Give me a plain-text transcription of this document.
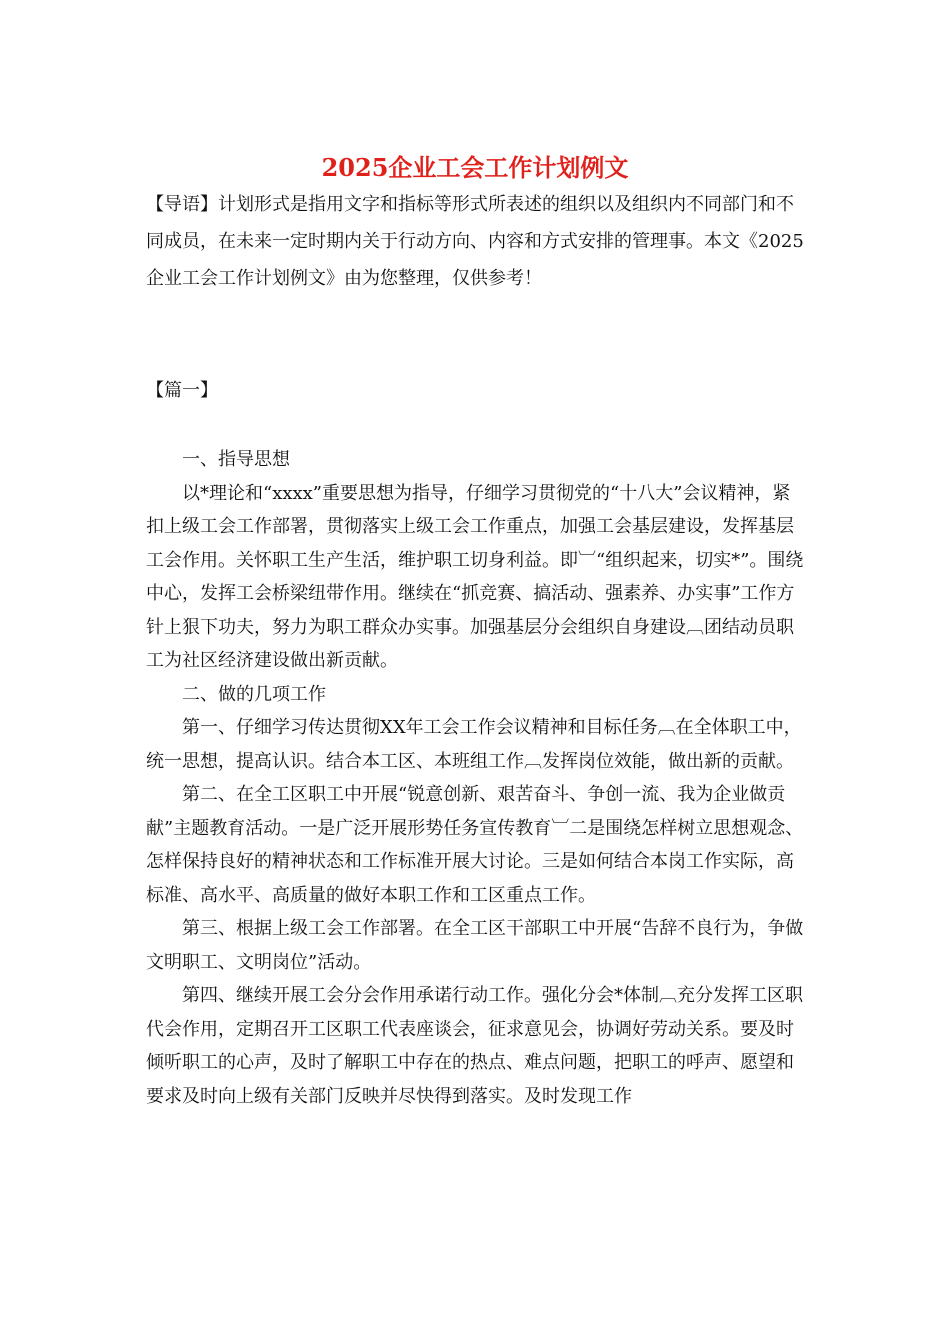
2025企业工会工作计划例文

【导语】计划形式是指用文字和指标等形式所表述的组织以及组织内不同部门和不同成员，在未来一定时期内关于行动方向、内容和方式安排的管理事。本文《2025企业工会工作计划例文》由为您整理，仅供参考！

【篇一】

一、指导思想

以*理论和“xxxx”重要思想为指导，仔细学习贯彻党的“十八大”会议精神，紧扣上级工会工作部署，贯彻落实上级工会工作重点，加强工会基层建设，发挥基层工会作用。关怀职工生产生活，维护职工切身利益。即︺“组织起来，切实*”。围绕中心，发挥工会桥梁纽带作用。继续在“抓竞赛、搞活动、强素养、办实事”工作方针上狠下功夫，努力为职工群众办实事。加强基层分会组织自身建设︹团结动员职工为社区经济建设做出新贡献。

二、做的几项工作

第一、仔细学习传达贯彻XX年工会工作会议精神和目标任务︹在全体职工中，统一思想，提高认识。结合本工区、本班组工作︹发挥岗位效能，做出新的贡献。

第二、在全工区职工中开展“锐意创新、艰苦奋斗、争创一流、我为企业做贡献”主题教育活动。一是广泛开展形势任务宣传教育︺二是围绕怎样树立思想观念、怎样保持良好的精神状态和工作标准开展大讨论。三是如何结合本岗工作实际，高标准、高水平、高质量的做好本职工作和工区重点工作。

第三、根据上级工会工作部署。在全工区干部职工中开展“告辞不良行为，争做文明职工、文明岗位”活动。

第四、继续开展工会分会作用承诺行动工作。强化分会*体制︹充分发挥工区职代会作用，定期召开工区职工代表座谈会，征求意见会，协调好劳动关系。要及时倾听职工的心声，及时了解职工中存在的热点、难点问题，把职工的呼声、愿望和要求及时向上级有关部门反映并尽快得到落实。及时发现工作
